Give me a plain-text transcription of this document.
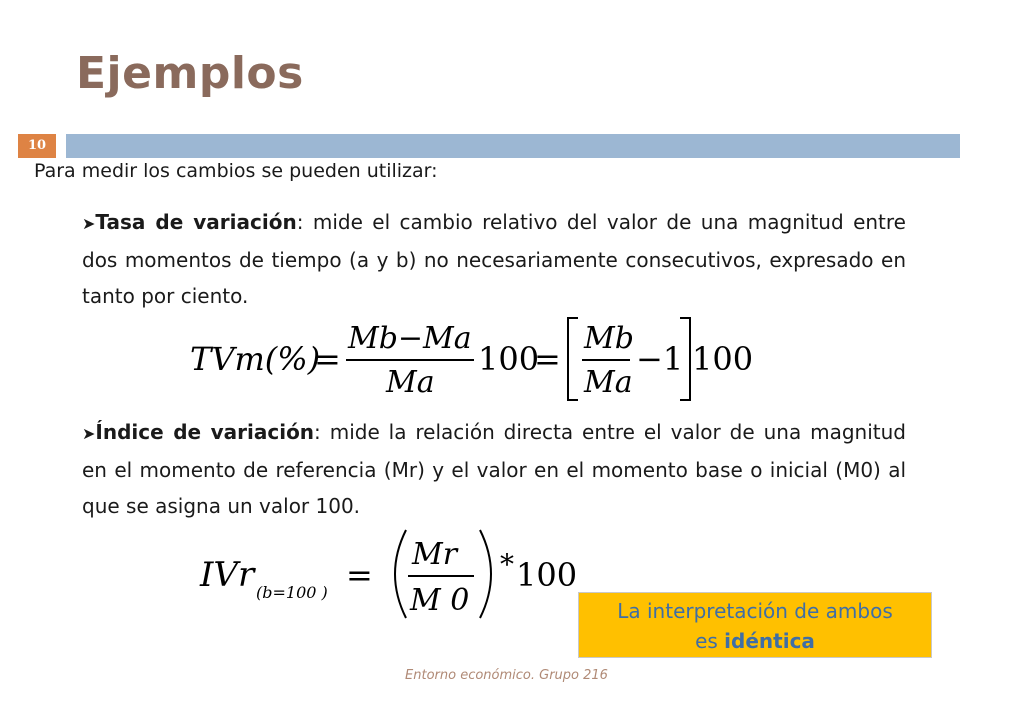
Ejemplos
10
Para medir los cambios se pueden utilizar:
➤Tasa de variación: mide el cambio relativo del valor de una magnitud entre dos momentos de tiempo (a y b) no necesariamente consecutivos, expresado en tanto por ciento.
TVm(%)
=
Mb−Ma
Ma
100
=
Mb
Ma
−1 100
➤Índice de variación: mide la relación directa entre el valor de una magnitud en el momento de referencia (Mr) y el valor en el momento base o inicial (M0) al que se asigna un valor 100.
IVr (b=100 ) =
Mr
M 0
* 100
La interpretación de ambos
es idéntica
Entorno económico. Grupo 216
